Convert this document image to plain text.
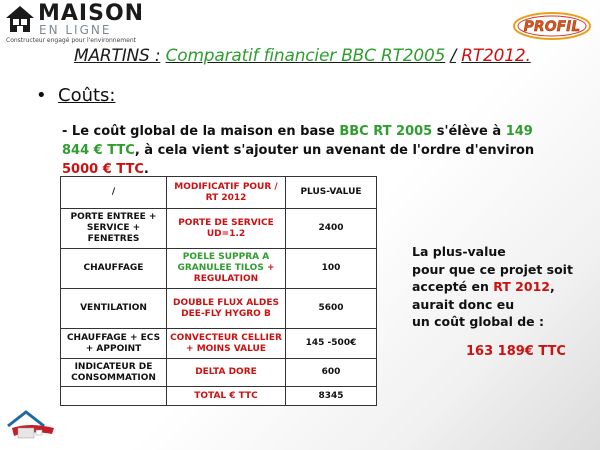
MAISON
EN LIGNE
Constructeur engagé pour l'environnement
PROFIL
MARTINS : Comparatif financier BBC RT2005 / RT2012.
• Coûts:
- Le coût global de la maison en base BBC RT 2005 s'élève à 149 844 € TTC, à cela vient s'ajouter un avenant de l'ordre d'environ 5000 € TTC.
/	MODIFICATIF POUR / RT 2012	PLUS-VALUE
PORTE ENTREE + SERVICE + FENETRES	PORTE DE SERVICE UD=1.2	2400
CHAUFFAGE	POELE SUPPRA A GRANULEE TILOS + REGULATION	100
VENTILATION	DOUBLE FLUX ALDES DEE-FLY HYGRO B	5600
CHAUFFAGE + ECS + APPOINT	CONVECTEUR CELLIER + MOINS VALUE	145 -500€
INDICATEUR DE CONSOMMATION	DELTA DORE	600
	TOTAL € TTC	8345
La plus-value
pour que ce projet soit
accepté en RT 2012,
aurait donc eu
un coût global de :
163 189€ TTC
